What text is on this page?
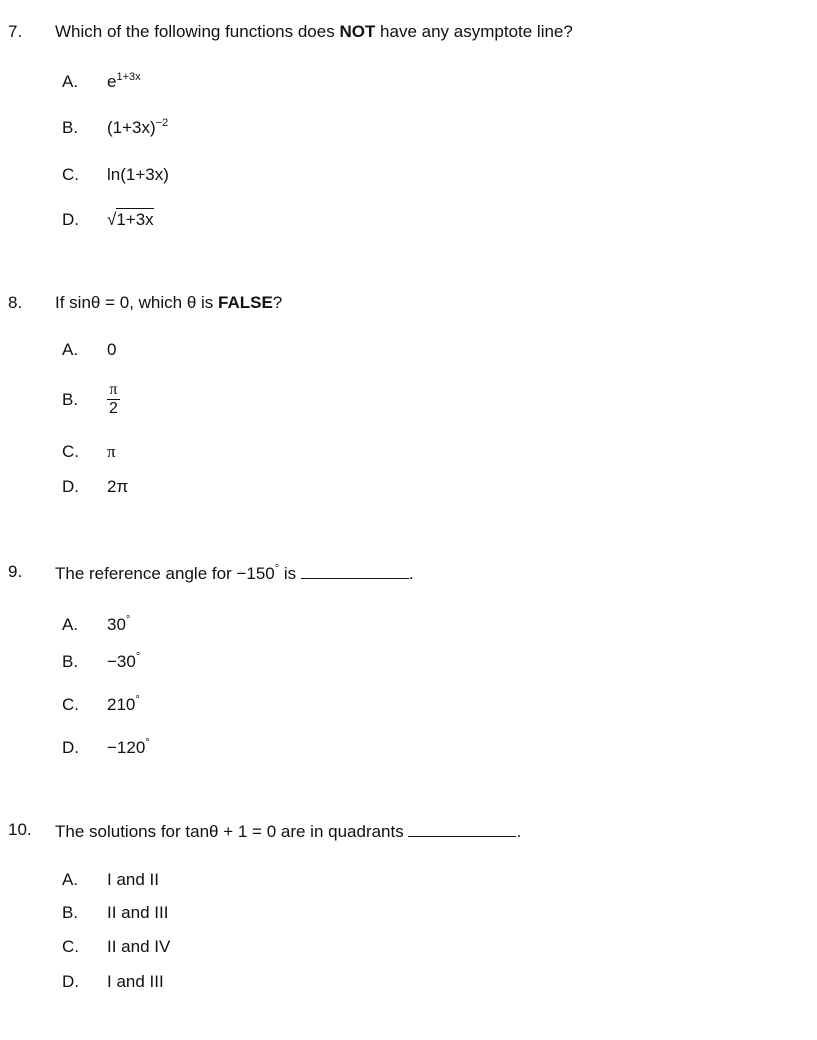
7. Which of the following functions does NOT have any asymptote line?
A. $e^{1+3x}$
B. $(1+3x)^{-2}$
C. ln(1+3x)
D. √1+3x
8. If sinθ = 0, which θ is FALSE?
A. 0
B. $\frac{\pi}{2}$
C. π
D. 2π
9. The reference angle for −150° is	.
A. 30°
B. −30°
C. 210°
D. −120°
10. The solutions for tanθ + 1 = 0 are in quadrants	.
A. I and II
B. II and III
C. II and IV
D. I and III
